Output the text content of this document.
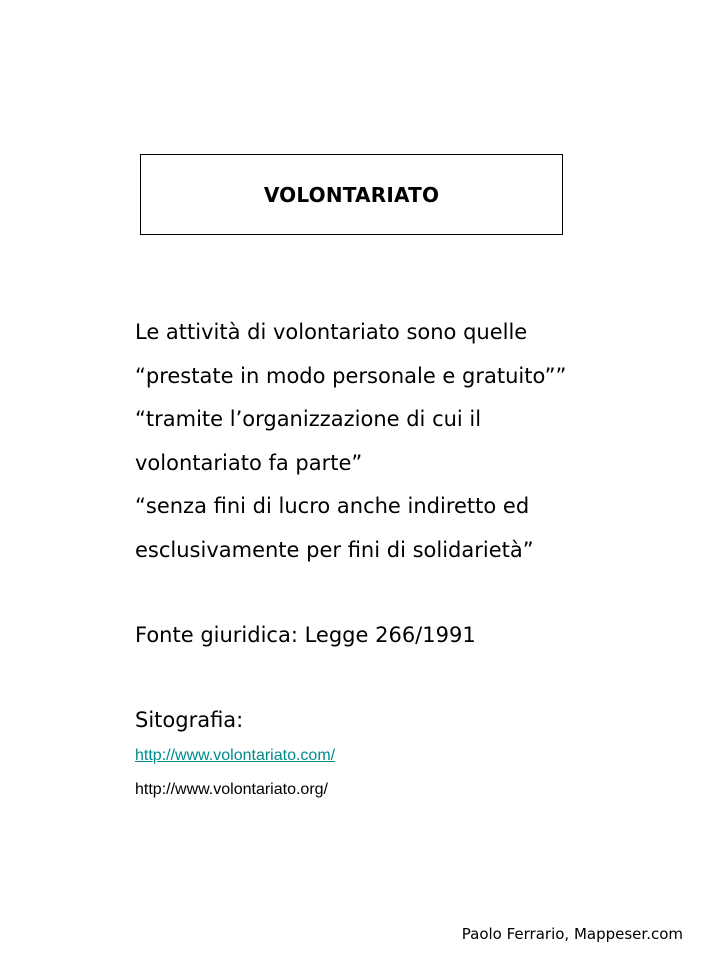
VOLONTARIATO
Le attività di volontariato sono quelle
“prestate in modo personale e gratuito””
“tramite l’organizzazione di cui il
volontariato fa parte”
“senza fini di lucro anche indiretto ed
esclusivamente per fini di solidarietà”
Fonte giuridica: Legge 266/1991
Sitografia:
http://www.volontariato.com/
http://www.volontariato.org/
Paolo Ferrario, Mappeser.com
